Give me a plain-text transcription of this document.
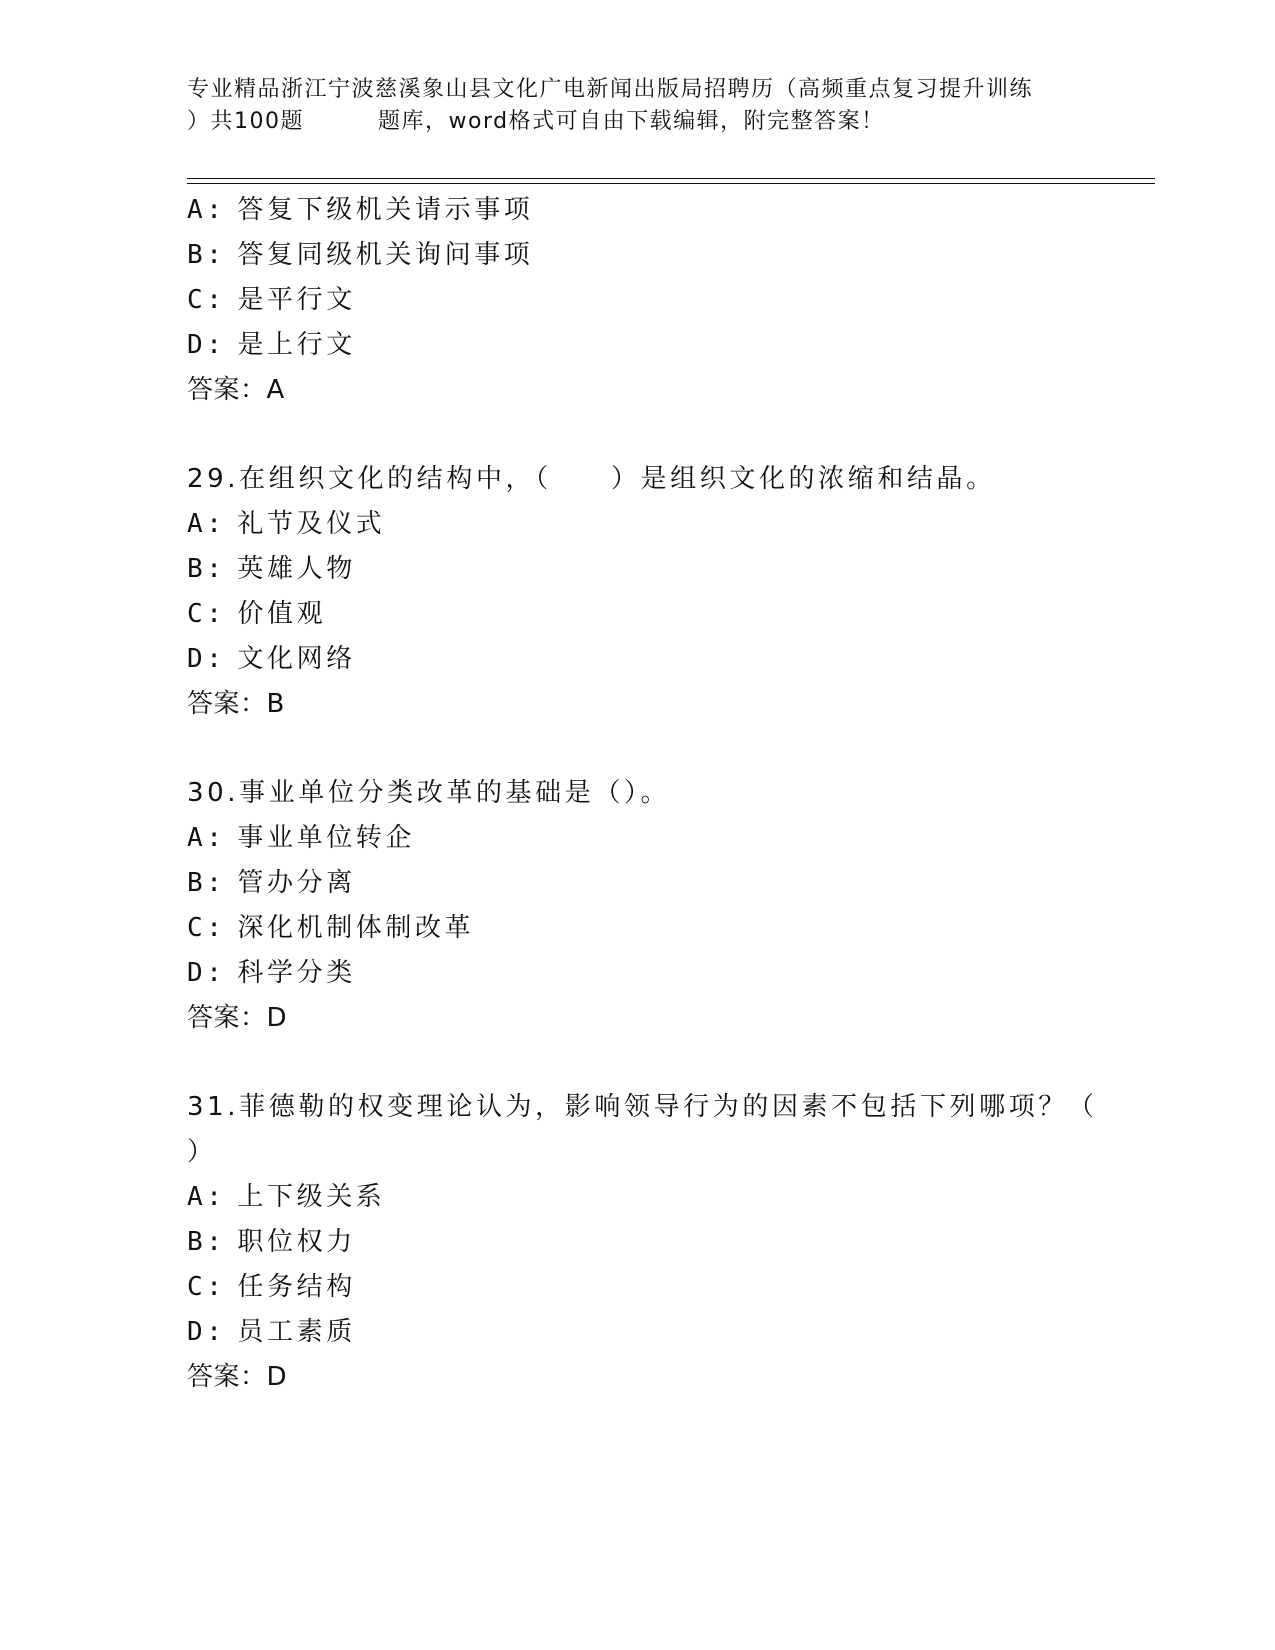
专业精品浙江宁波慈溪象山县文化广电新闻出版局招聘历（高频重点复习提升训练
）共100题	题库，word格式可自由下载编辑，附完整答案！
A: 答复下级机关请示事项
B: 答复同级机关询问事项
C: 是平行文
D: 是上行文
答案：A
29.在组织文化的结构中，（　　）是组织文化的浓缩和结晶。
A: 礼节及仪式
B: 英雄人物
C: 价值观
D: 文化网络
答案：B
30.事业单位分类改革的基础是（）。
A: 事业单位转企
B: 管办分离
C: 深化机制体制改革
D: 科学分类
答案：D
31.菲德勒的权变理论认为，影响领导行为的因素不包括下列哪项？（
）
A: 上下级关系
B: 职位权力
C: 任务结构
D: 员工素质
答案：D
